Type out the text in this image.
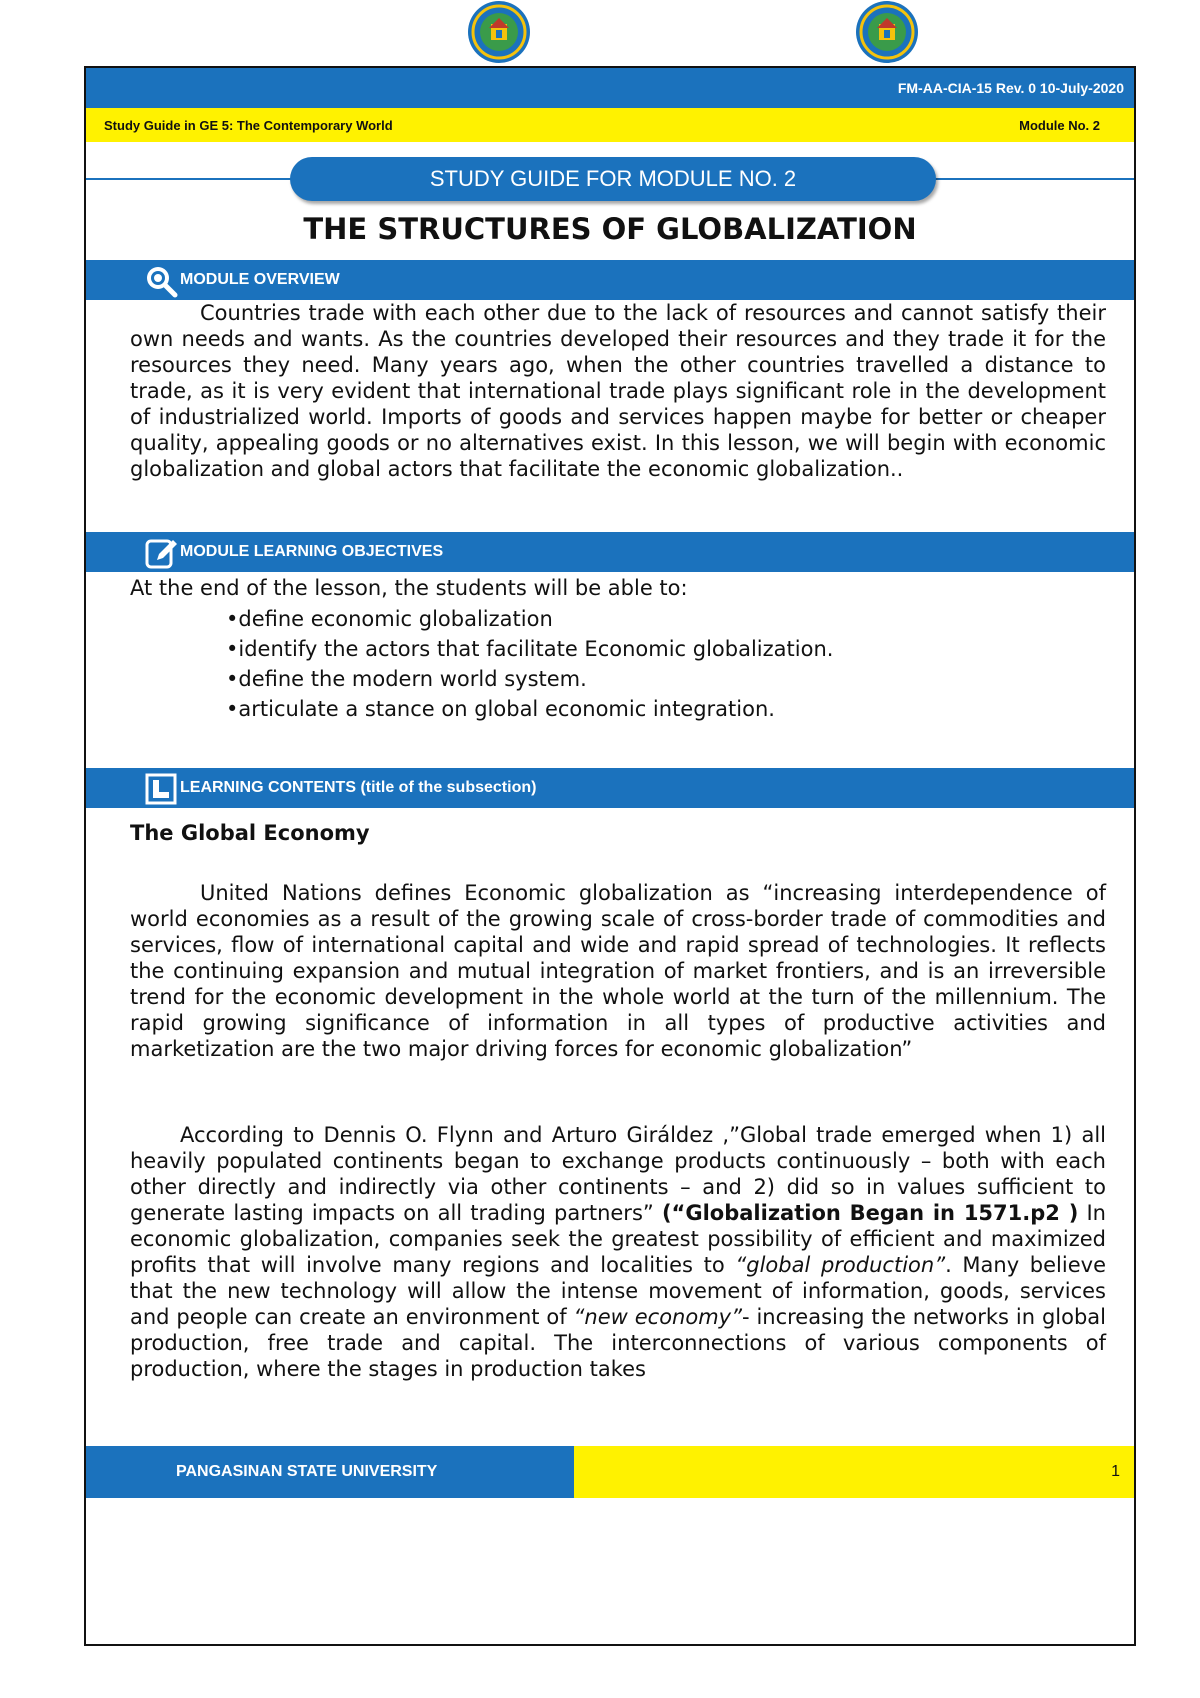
FM-AA-CIA-15 Rev. 0 10-July-2020
Study Guide in GE 5: The Contemporary World	Module No. 2
STUDY GUIDE FOR MODULE NO. 2
THE STRUCTURES OF GLOBALIZATION
MODULE OVERVIEW
Countries trade with each other due to the lack of resources and cannot satisfy their own needs and wants. As the countries developed their resources and they trade it for the resources they need. Many years ago, when the other countries travelled a distance to trade, as it is very evident that international trade plays significant role in the development of industrialized world. Imports of goods and services happen maybe for better or cheaper quality, appealing goods or no alternatives exist. In this lesson, we will begin with economic globalization and global actors that facilitate the economic globalization..
MODULE LEARNING OBJECTIVES
At the end of the lesson, the students will be able to:
• define economic globalization
• identify the actors that facilitate Economic globalization.
• define the modern world system.
• articulate a stance on global economic integration.
LEARNING CONTENTS (title of the subsection)
The Global Economy
United Nations defines Economic globalization as “increasing interdependence of world economies as a result of the growing scale of cross-border trade of commodities and services, flow of international capital and wide and rapid spread of technologies. It reflects the continuing expansion and mutual integration of market frontiers, and is an irreversible trend for the economic development in the whole world at the turn of the millennium. The rapid growing significance of information in all types of productive activities and marketization are the two major driving forces for economic globalization”
According to Dennis O. Flynn and Arturo Giráldez ,”Global trade emerged when 1) all heavily populated continents began to exchange products continuously – both with each other directly and indirectly via other continents – and 2) did so in values sufficient to generate lasting impacts on all trading partners” (“Globalization Began in 1571.p2 ) In economic globalization, companies seek the greatest possibility of efficient and maximized profits that will involve many regions and localities to “global production”. Many believe that the new technology will allow the intense movement of information, goods, services and people can create an environment of “new economy”- increasing the networks in global production, free trade and capital. The interconnections of various components of production, where the stages in production takes
PANGASINAN STATE UNIVERSITY	1
